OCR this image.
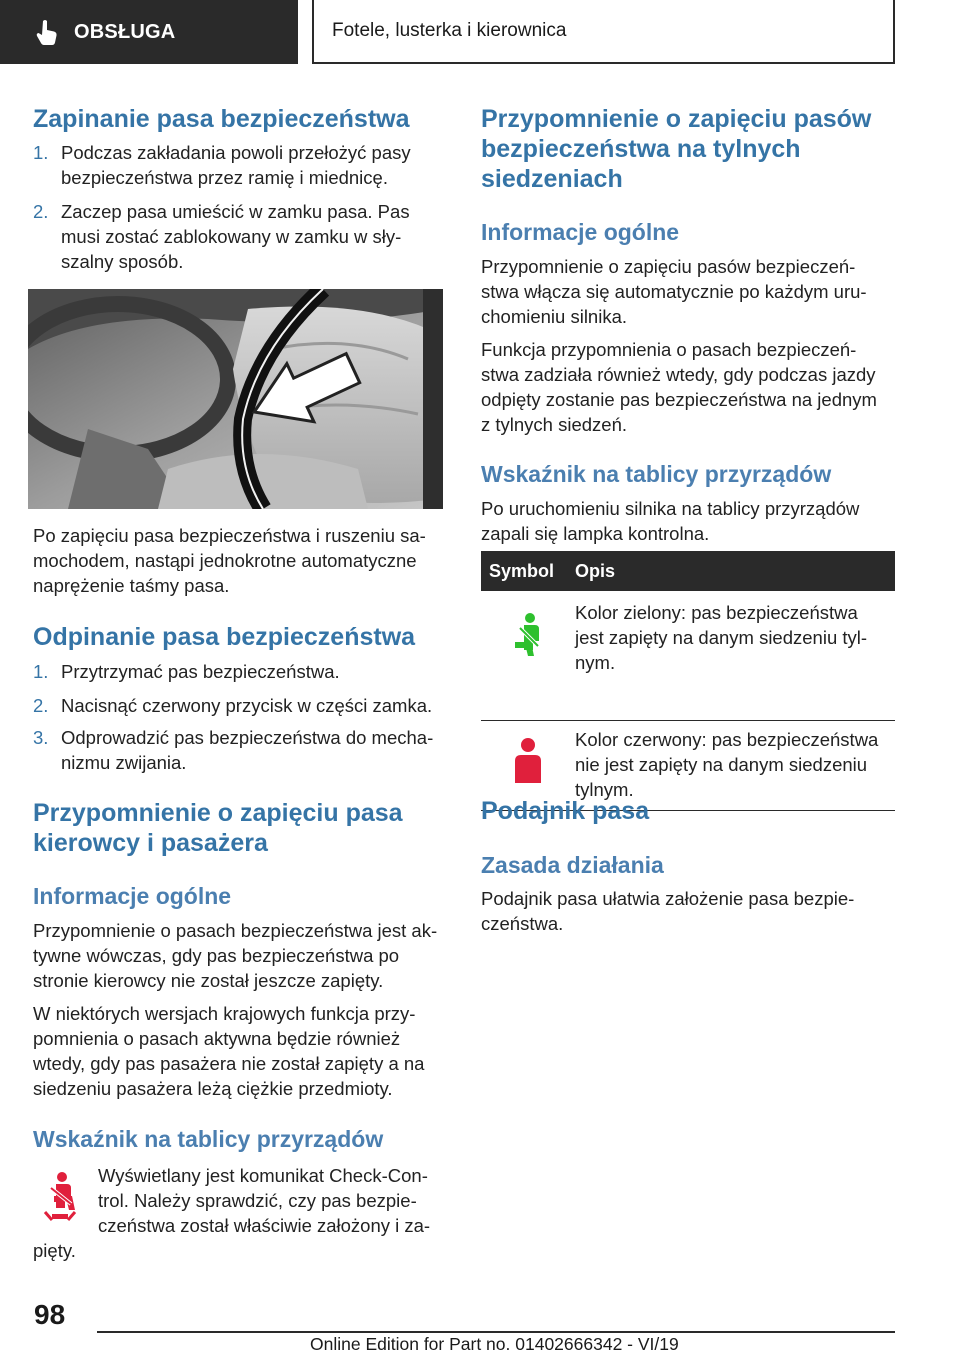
OBSŁUGA	Fotele, lusterka i kierownica
Zapinanie pasa bezpieczeństwa
1. Podczas zakładania powoli przełożyć pasy
bezpieczeństwa przez ramię i miednicę.
2. Zaczep pasa umieścić w zamku pasa. Pas
musi zostać zablokowany w zamku w sły-
szalny sposób.

Po zapięciu pasa bezpieczeństwa i ruszeniu sa-

mochodem, nastąpi jednokrotne automatyczne

naprężenie taśmy pasa.

Odpinanie pasa bezpieczeństwa
1. Przytrzymać pas bezpieczeństwa.
2. Nacisnąć czerwony przycisk w części zamka.
3. Odprowadzić pas bezpieczeństwa do mecha-
nizmu zwijania.
Przypomnienie o zapięciu pasa
kierowcy i pasażera
Informacje ogólne

Przypomnienie o pasach bezpieczeństwa jest ak-

tywne wówczas, gdy pas bezpieczeństwa po

stronie kierowcy nie został jeszcze zapięty.

W niektórych wersjach krajowych funkcja przy-

pomnienia o pasach aktywna będzie również

wtedy, gdy pas pasażera nie został zapięty a na

siedzeniu pasażera leżą ciężkie przedmioty.

Wskaźnik na tablicy przyrządów

Wyświetlany jest komunikat Check-Con-

trol. Należy sprawdzić, czy pas bezpie-

czeństwa został właściwie założony i za-

pięty.

Przypomnienie o zapięciu pasów
bezpieczeństwa na tylnych
siedzeniach
Informacje ogólne

Przypomnienie o zapięciu pasów bezpieczeń-

stwa włącza się automatycznie po każdym uru-

chomieniu silnika.

Funkcja przypomnienia o pasach bezpieczeń-

stwa zadziała również wtedy, gdy podczas jazdy

odpięty zostanie pas bezpieczeństwa na jednym

z tylnych siedzeń.

Wskaźnik na tablicy przyrządów

Po uruchomieniu silnika na tablicy przyrządów

zapali się lampka kontrolna.

Symbol	Opis
Kolor zielony: pas bezpieczeństwa
jest zapięty na danym siedzeniu tyl-
nym.
Kolor czerwony: pas bezpieczeństwa
nie jest zapięty na danym siedzeniu
tylnym.
Podajnik pasa
Zasada działania

Podajnik pasa ułatwia założenie pasa bezpie-

czeństwa.

98
Online Edition for Part no. 01402666342 - VI/19
